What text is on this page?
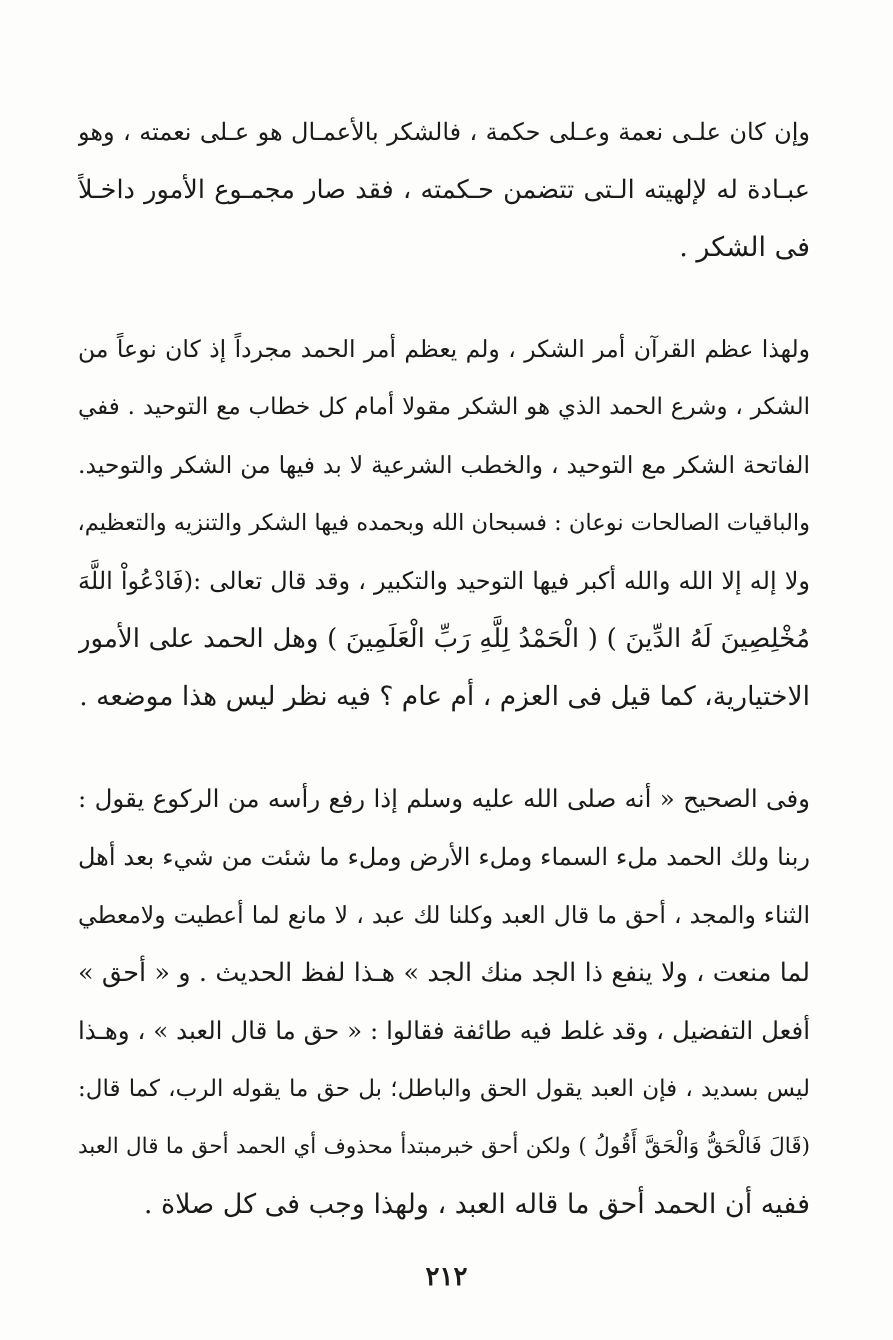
وإن كان علـى نعمة وعـلى حكمة ، فالشكر بالأعمـال هو عـلى نعمته ، وهو
عبـادة له لإلهيته الـتى تتضمن حـكمته ، فقد صار مجمـوع الأمور داخـلاً
فى الشكر .
ولهذا عظم القرآن أمر الشكر ، ولم يعظم أمر الحمد مجرداً إذ كان نوعاً من
الشكر ، وشرع الحمد الذي هو الشكر مقولا أمام كل خطاب مع التوحيد . ففي
الفاتحة الشكر مع التوحيد ، والخطب الشرعية لا بد فيها من الشكر والتوحيد.
والباقيات الصالحات نوعان : فسبحان الله وبحمده فيها الشكر والتنزيه والتعظيم،
ولا إله إلا الله والله أكبر فيها التوحيد والتكبير ، وقد قال تعالى :(فَادْعُواْ اللَّهَ
مُخْلِصِينَ لَهُ الدِّينَ ) ( الْحَمْدُ لِلَّهِ رَبِّ الْعَلَمِينَ ) وهل الحمد على الأمور
الاختيارية، كما قيل فى العزم ، أم عام ؟ فيه نظر ليس هذا موضعه .
وفى الصحيح « أنه صلى الله عليه وسلم إذا رفع رأسه من الركوع يقول :
ربنا ولك الحمد ملء السماء وملء الأرض وملء ما شئت من شيء بعد أهل
الثناء والمجد ، أحق ما قال العبد وكلنا لك عبد ، لا مانع لما أعطيت ولامعطي
لما منعت ، ولا ينفع ذا الجد منك الجد » هـذا لفظ الحديث . و « أحق »
أفعل التفضيل ، وقد غلط فيه طائفة فقالوا : « حق ما قال العبد » ، وهـذا
ليس بسديد ، فإن العبد يقول الحق والباطل؛ بل حق ما يقوله الرب، كما قال:
(قَالَ فَالْحَقُّ وَالْحَقَّ أَقُولُ ) ولكن أحق خبرمبتدأ محذوف أي الحمد أحق ما قال العبد
ففيه أن الحمد أحق ما قاله العبد ، ولهذا وجب فى كل صلاة .
٢١٢
